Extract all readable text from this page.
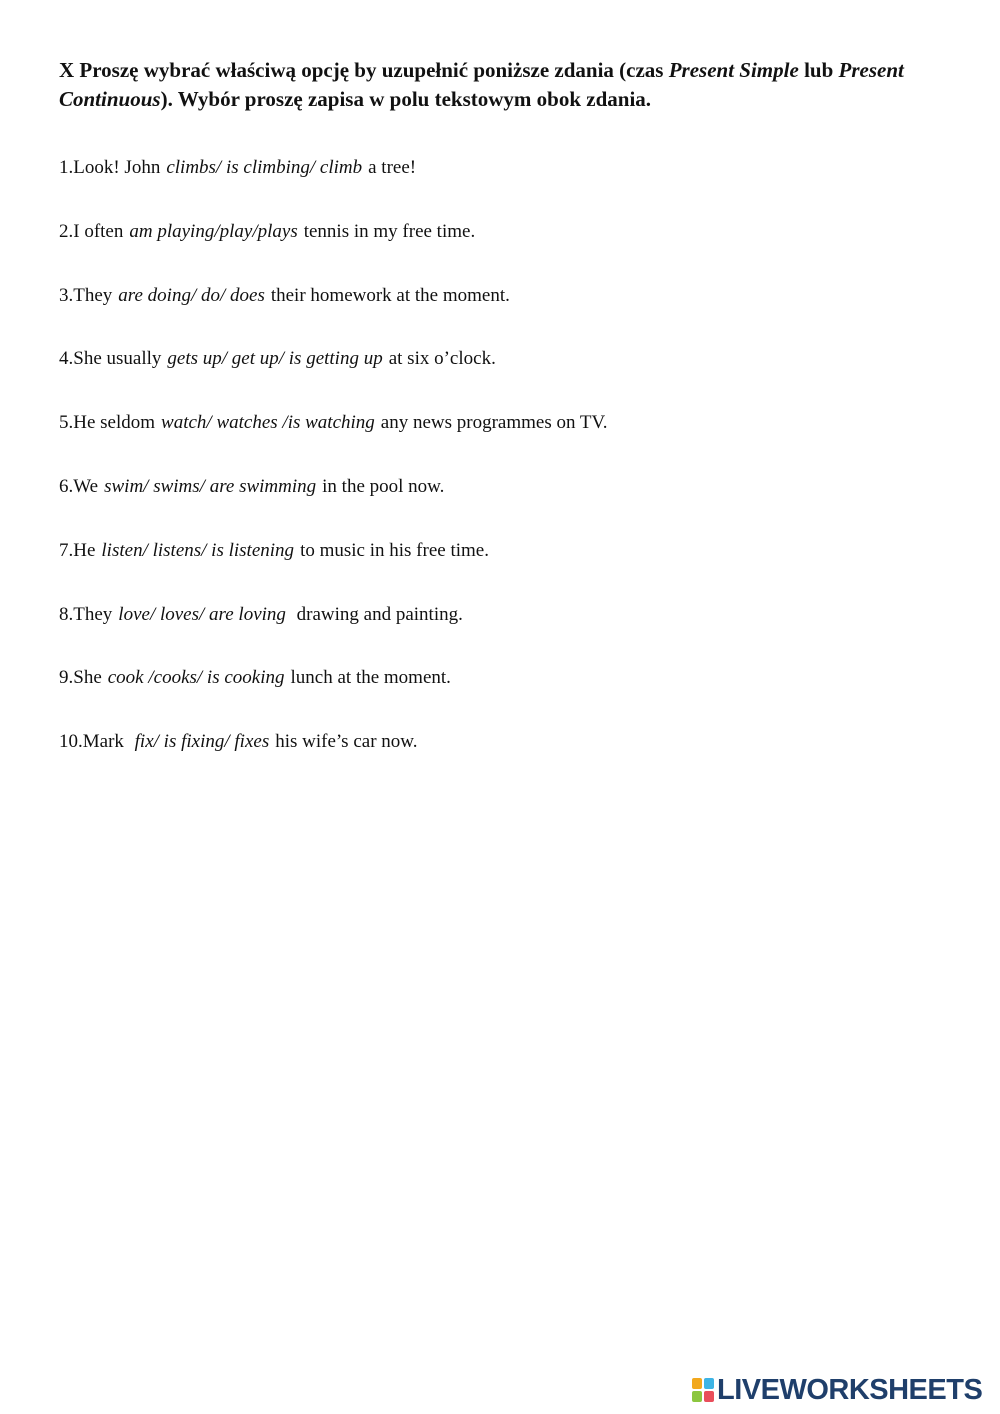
X Proszę wybrać właściwą opcję by uzupełnić poniższe zdania (czas Present Simple lub Present Continuous). Wybór proszę zapisa w polu tekstowym obok zdania.

1.Look! John climbs/ is climbing/ climb a tree!
2.I often am playing/play/plays tennis in my free time.
3.They are doing/ do/ does their homework at the moment.
4.She usually gets up/ get up/ is getting up at six o’clock.
5.He seldom watch/ watches /is watching any news programmes on TV.
6.We swim/ swims/ are swimming in the pool now.
7.He listen/ listens/ is listening to music in his free time.
8.They love/ loves/ are loving drawing and painting.
9.She cook /cooks/ is cooking lunch at the moment.
10.Mark fix/ is fixing/ fixes his wife’s car now.
LIVEWORKSHEETS
